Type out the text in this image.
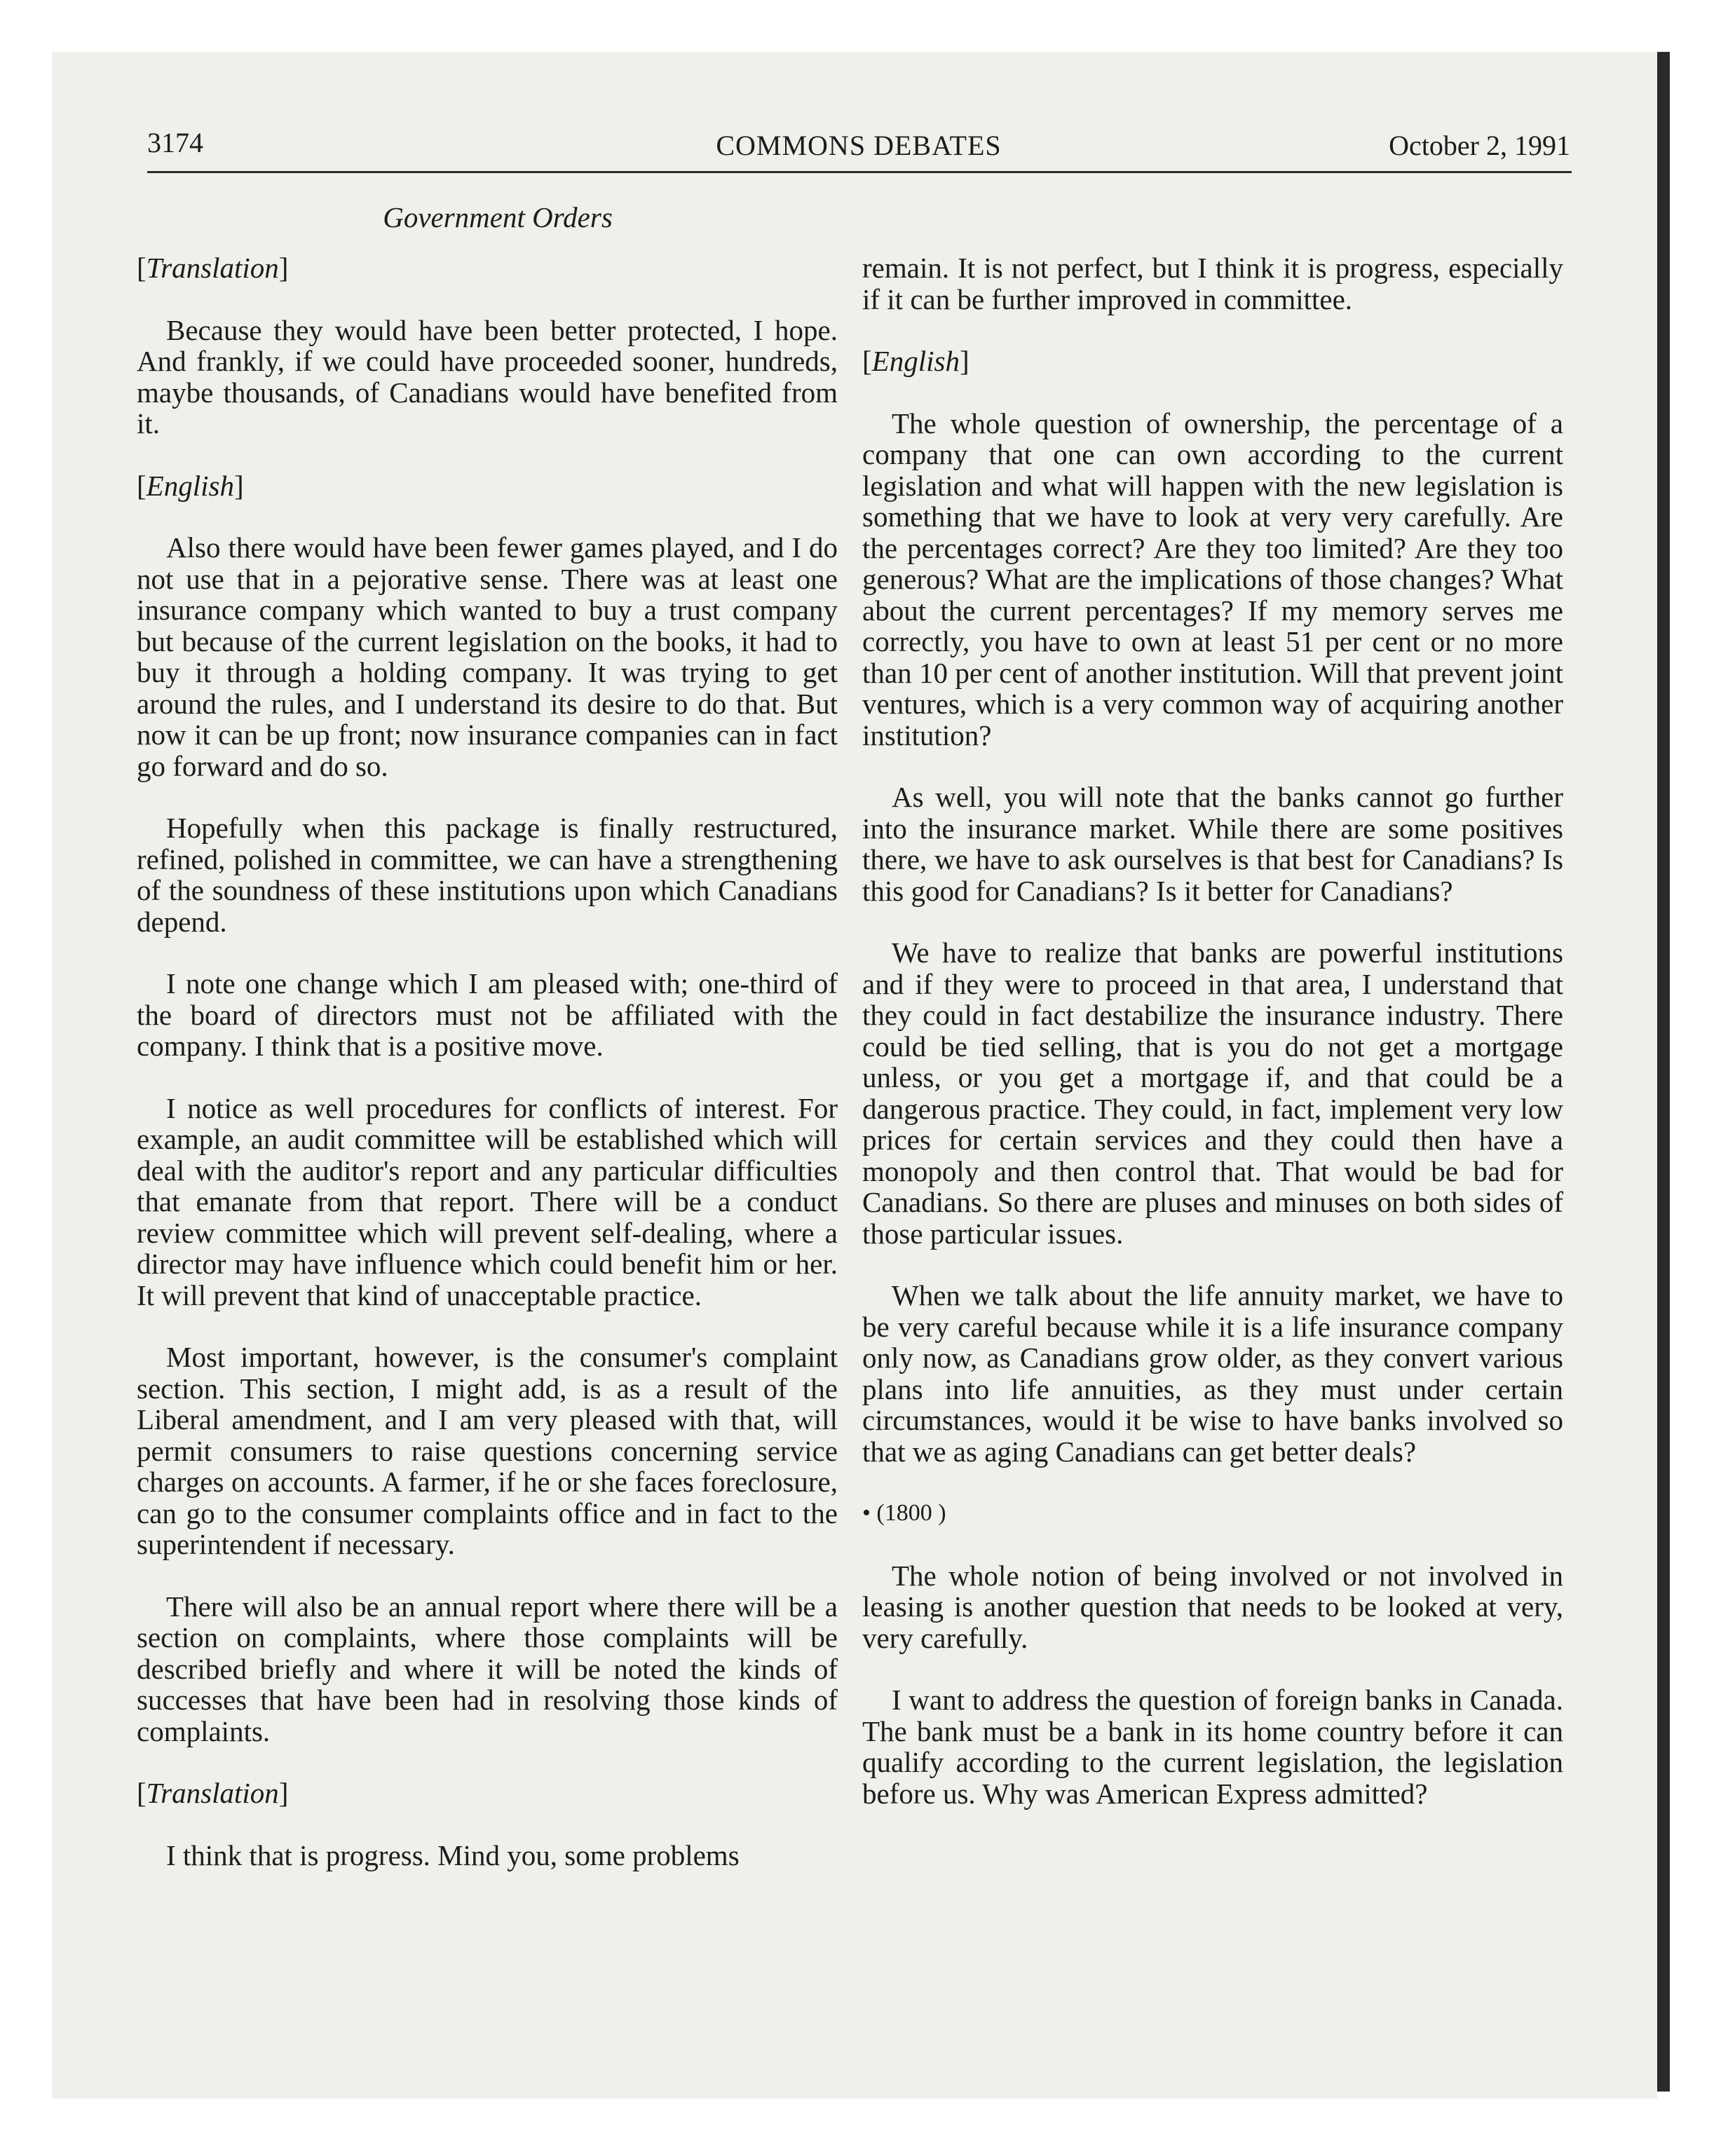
3174	COMMONS DEBATES	October 2, 1991
Government Orders

[Translation]

Because they would have been better protected, I hope. And frankly, if we could have proceeded sooner, hundreds, maybe thousands, of Canadians would have benefited from it.

[English]

Also there would have been fewer games played, and I do not use that in a pejorative sense. There was at least one insurance company which wanted to buy a trust company but because of the current legislation on the books, it had to buy it through a holding company. It was trying to get around the rules, and I understand its desire to do that. But now it can be up front; now insurance companies can in fact go forward and do so.

Hopefully when this package is finally restructured, refined, polished in committee, we can have a strengthening of the soundness of these institutions upon which Canadians depend.

I note one change which I am pleased with; one-third of the board of directors must not be affiliated with the company. I think that is a positive move.

I notice as well procedures for conflicts of interest. For example, an audit committee will be established which will deal with the auditor's report and any particular difficulties that emanate from that report. There will be a conduct review committee which will prevent self-dealing, where a director may have influence which could benefit him or her. It will prevent that kind of unacceptable practice.

Most important, however, is the consumer's complaint section. This section, I might add, is as a result of the Liberal amendment, and I am very pleased with that, will permit consumers to raise questions concerning service charges on accounts. A farmer, if he or she faces foreclosure, can go to the consumer complaints office and in fact to the superintendent if necessary.

There will also be an annual report where there will be a section on complaints, where those complaints will be described briefly and where it will be noted the kinds of successes that have been had in resolving those kinds of complaints.

[Translation]

I think that is progress. Mind you, some problems

remain. It is not perfect, but I think it is progress, especially if it can be further improved in committee.

[English]

The whole question of ownership, the percentage of a company that one can own according to the current legislation and what will happen with the new legislation is something that we have to look at very very carefully. Are the percentages correct? Are they too limited? Are they too generous? What are the implications of those changes? What about the current percentages? If my memory serves me correctly, you have to own at least 51 per cent or no more than 10 per cent of another institution. Will that prevent joint ventures, which is a very common way of acquiring another institution?

As well, you will note that the banks cannot go further into the insurance market. While there are some positives there, we have to ask ourselves is that best for Canadians? Is this good for Canadians? Is it better for Canadians?

We have to realize that banks are powerful institutions and if they were to proceed in that area, I understand that they could in fact destabilize the insurance industry. There could be tied selling, that is you do not get a mortgage unless, or you get a mortgage if, and that could be a dangerous practice. They could, in fact, implement very low prices for certain services and they could then have a monopoly and then control that. That would be bad for Canadians. So there are pluses and minuses on both sides of those particular issues.

When we talk about the life annuity market, we have to be very careful because while it is a life insurance company only now, as Canadians grow older, as they convert various plans into life annuities, as they must under certain circumstances, would it be wise to have banks involved so that we as aging Canadians can get better deals?

• (1800 )

The whole notion of being involved or not involved in leasing is another question that needs to be looked at very, very carefully.

I want to address the question of foreign banks in Canada. The bank must be a bank in its home country before it can qualify according to the current legislation, the legislation before us. Why was American Express admitted?
